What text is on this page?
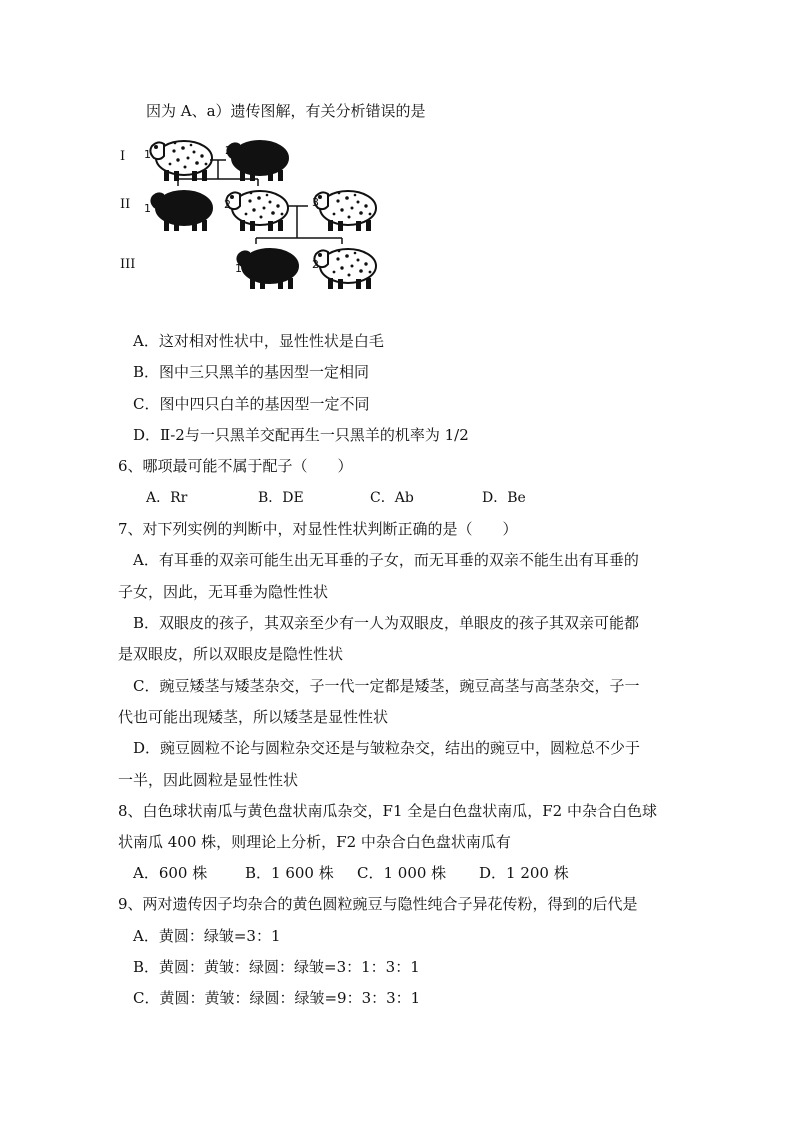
因为 A、a）遗传图解，有关分析错误的是
I
II
III
1	2
1	2	3
1	2
A．这对相对性状中，显性性状是白毛
B．图中三只黑羊的基因型一定相同
C．图中四只白羊的基因型一定不同
D．Ⅱ-2与一只黑羊交配再生一只黑羊的机率为 1/2
6、哪项最可能不属于配子（　　）
A．Rr	B．DE	C．Ab	D．Be
7、对下列实例的判断中，对显性性状判断正确的是（　　）
A．有耳垂的双亲可能生出无耳垂的子女，而无耳垂的双亲不能生出有耳垂的
子女，因此，无耳垂为隐性性状
B．双眼皮的孩子，其双亲至少有一人为双眼皮，单眼皮的孩子其双亲可能都
是双眼皮，所以双眼皮是隐性性状
C．豌豆矮茎与矮茎杂交，子一代一定都是矮茎，豌豆高茎与高茎杂交，子一
代也可能出现矮茎，所以矮茎是显性性状
D．豌豆圆粒不论与圆粒杂交还是与皱粒杂交，结出的豌豆中，圆粒总不少于
一半，因此圆粒是显性性状
8、白色球状南瓜与黄色盘状南瓜杂交，F1 全是白色盘状南瓜，F2 中杂合白色球
状南瓜 400 株，则理论上分析，F2 中杂合白色盘状南瓜有
A．600 株	B．1 600 株 C．1 000 株 D．1 200 株
9、两对遗传因子均杂合的黄色圆粒豌豆与隐性纯合子异花传粉，得到的后代是
A．黄圆：绿皱=3：1
B．黄圆：黄皱：绿圆：绿皱=3：1：3：1
C．黄圆：黄皱：绿圆：绿皱=9：3：3：1
